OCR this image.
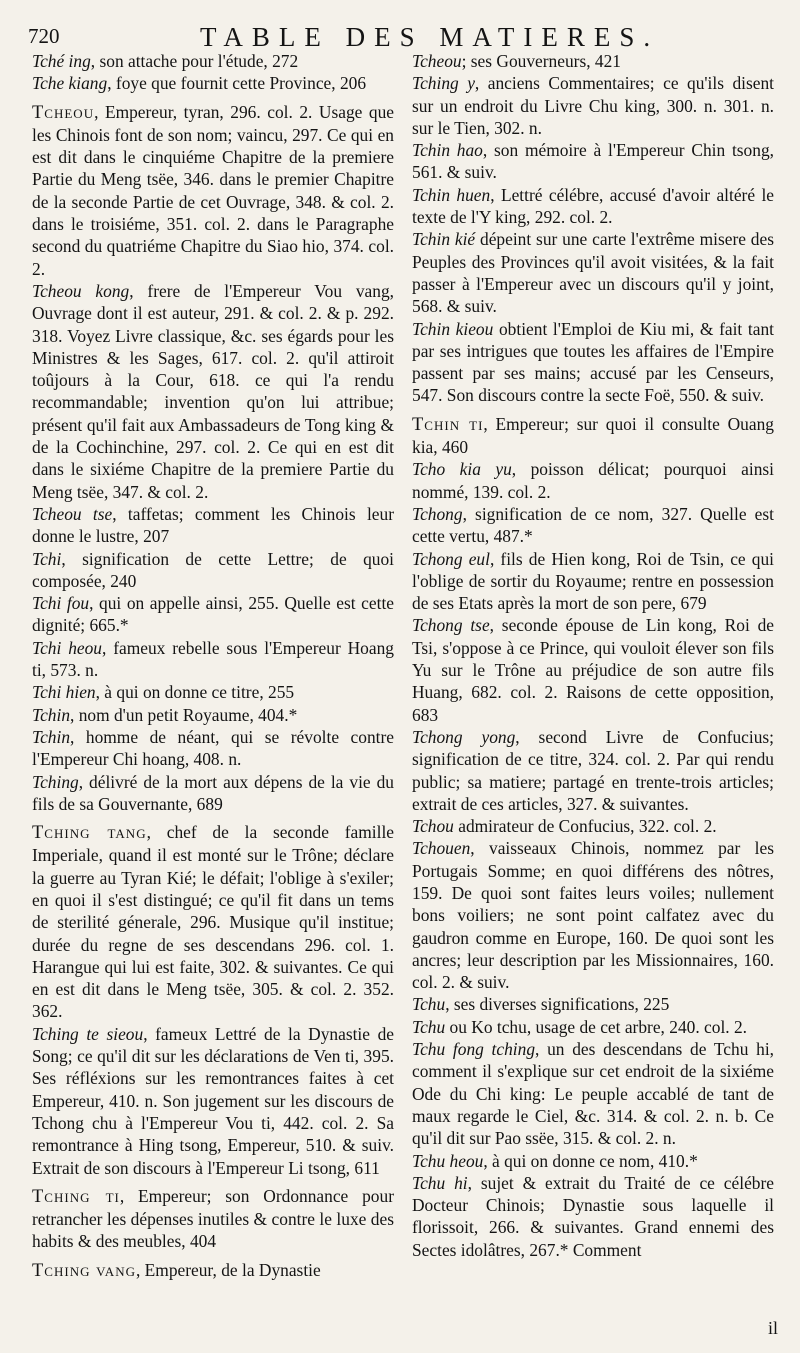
720	TABLE DES MATIERES.

Tché ing, son attache pour l'étude, 272

Tche kiang, foye que fournit cette Province, 206

Tcheou, Empereur, tyran, 296. col. 2. Usage que les Chinois font de son nom; vaincu, 297. Ce qui en est dit dans le cinquiéme Chapitre de la premiere Partie du Meng tsëe, 346. dans le premier Chapitre de la seconde Partie de cet Ouvrage, 348. & col. 2. dans le troisiéme, 351. col. 2. dans le Paragraphe second du quatriéme Chapitre du Siao hio, 374. col. 2.

Tcheou kong, frere de l'Empereur Vou vang, Ouvrage dont il est auteur, 291. & col. 2. & p. 292. 318. Voyez Livre classique, &c. ses égards pour les Ministres & les Sages, 617. col. 2. qu'il attiroit toûjours à la Cour, 618. ce qui l'a rendu recommandable; invention qu'on lui attribue; présent qu'il fait aux Ambassadeurs de Tong king & de la Cochinchine, 297. col. 2. Ce qui en est dit dans le sixiéme Chapitre de la premiere Partie du Meng tsëe, 347. & col. 2.

Tcheou tse, taffetas; comment les Chinois leur donne le lustre, 207

Tchi, signification de cette Lettre; de quoi composée, 240

Tchi fou, qui on appelle ainsi, 255. Quelle est cette dignité; 665.*

Tchi heou, fameux rebelle sous l'Empereur Hoang ti, 573. n.

Tchi hien, à qui on donne ce titre, 255

Tchin, nom d'un petit Royaume, 404.*

Tchin, homme de néant, qui se révolte contre l'Empereur Chi hoang, 408. n.

Tching, délivré de la mort aux dépens de la vie du fils de sa Gouvernante, 689

Tching tang, chef de la seconde famille Imperiale, quand il est monté sur le Trône; déclare la guerre au Tyran Kié; le défait; l'oblige à s'exiler; en quoi il s'est distingué; ce qu'il fit dans un tems de sterilité génerale, 296. Musique qu'il institue; durée du regne de ses descendans 296. col. 1. Harangue qui lui est faite, 302. & suivantes. Ce qui en est dit dans le Meng tsëe, 305. & col. 2. 352. 362.

Tching te sieou, fameux Lettré de la Dynastie de Song; ce qu'il dit sur les déclarations de Ven ti, 395. Ses réfléxions sur les remontrances faites à cet Empereur, 410. n. Son jugement sur les discours de Tchong chu à l'Empereur Vou ti, 442. col. 2. Sa remontrance à Hing tsong, Empereur, 510. & suiv. Extrait de son discours à l'Empereur Li tsong, 611

Tching ti, Empereur; son Ordonnance pour retrancher les dépenses inutiles & contre le luxe des habits & des meubles, 404

Tching vang, Empereur, de la Dynastie

Tcheou; ses Gouverneurs, 421

Tching y, anciens Commentaires; ce qu'ils disent sur un endroit du Livre Chu king, 300. n. 301. n. sur le Tien, 302. n.

Tchin hao, son mémoire à l'Empereur Chin tsong, 561. & suiv.

Tchin huen, Lettré célébre, accusé d'avoir altéré le texte de l'Y king, 292. col. 2.

Tchin kié dépeint sur une carte l'extrême misere des Peuples des Provinces qu'il avoit visitées, & la fait passer à l'Empereur avec un discours qu'il y joint, 568. & suiv.

Tchin kieou obtient l'Emploi de Kiu mi, & fait tant par ses intrigues que toutes les affaires de l'Empire passent par ses mains; accusé par les Censeurs, 547. Son discours contre la secte Foë, 550. & suiv.

Tchin ti, Empereur; sur quoi il consulte Ouang kia, 460

Tcho kia yu, poisson délicat; pourquoi ainsi nommé, 139. col. 2.

Tchong, signification de ce nom, 327. Quelle est cette vertu, 487.*

Tchong eul, fils de Hien kong, Roi de Tsin, ce qui l'oblige de sortir du Royaume; rentre en possession de ses Etats après la mort de son pere, 679

Tchong tse, seconde épouse de Lin kong, Roi de Tsi, s'oppose à ce Prince, qui vouloit élever son fils Yu sur le Trône au préjudice de son autre fils Huang, 682. col. 2. Raisons de cette opposition, 683

Tchong yong, second Livre de Confucius; signification de ce titre, 324. col. 2. Par qui rendu public; sa matiere; partagé en trente-trois articles; extrait de ces articles, 327. & suivantes.

Tchou admirateur de Confucius, 322. col. 2.

Tchouen, vaisseaux Chinois, nommez par les Portugais Somme; en quoi différens des nôtres, 159. De quoi sont faites leurs voiles; nullement bons voiliers; ne sont point calfatez avec du gaudron comme en Europe, 160. De quoi sont les ancres; leur description par les Missionnaires, 160. col. 2. & suiv.

Tchu, ses diverses significations, 225

Tchu ou Ko tchu, usage de cet arbre, 240. col. 2.

Tchu fong tching, un des descendans de Tchu hi, comment il s'explique sur cet endroit de la sixiéme Ode du Chi king: Le peuple accablé de tant de maux regarde le Ciel, &c. 314. & col. 2. n. b. Ce qu'il dit sur Pao ssëe, 315. & col. 2. n.

Tchu heou, à qui on donne ce nom, 410.*

Tchu hi, sujet & extrait du Traité de ce célébre Docteur Chinois; Dynastie sous laquelle il florissoit, 266. & suivantes. Grand ennemi des Sectes idolâtres, 267.* Comment

il
